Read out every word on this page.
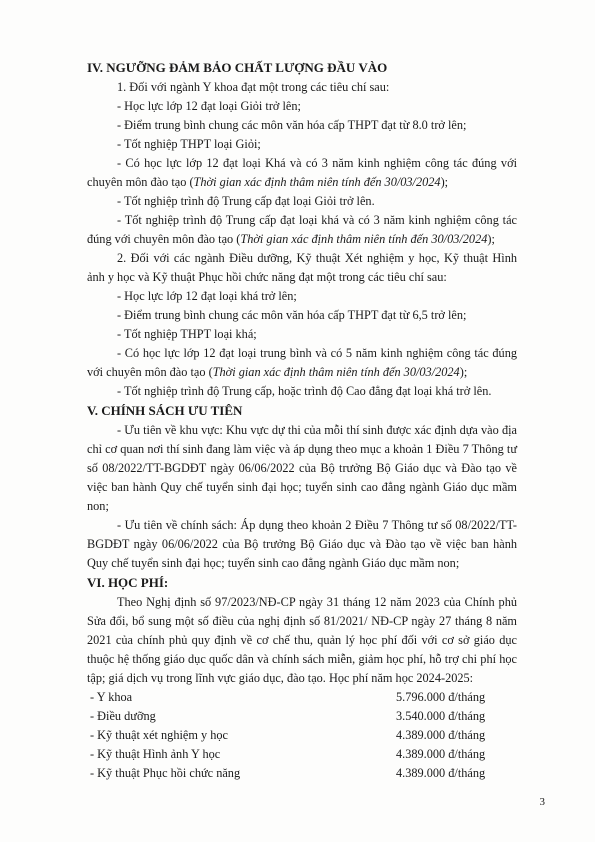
IV. NGƯỠNG ĐẢM BẢO CHẤT LƯỢNG ĐẦU VÀO

1. Đối với ngành Y khoa đạt một trong các tiêu chí sau:

- Học lực lớp 12 đạt loại Giỏi trở lên;

- Điểm trung bình chung các môn văn hóa cấp THPT đạt từ 8.0 trở lên;

- Tốt nghiệp THPT loại Giỏi;

- Có học lực lớp 12 đạt loại Khá và có 3 năm kinh nghiệm công tác đúng với chuyên môn đào tạo (Thời gian xác định thâm niên tính đến 30/03/2024);

- Tốt nghiệp trình độ Trung cấp đạt loại Giỏi trở lên.

- Tốt nghiệp trình độ Trung cấp đạt loại khá và có 3 năm kinh nghiệm công tác đúng với chuyên môn đào tạo (Thời gian xác định thâm niên tính đến 30/03/2024);

2. Đối với các ngành Điều dưỡng, Kỹ thuật Xét nghiệm y học, Kỹ thuật Hình ảnh y học và Kỹ thuật Phục hồi chức năng đạt một trong các tiêu chí sau:

- Học lực lớp 12 đạt loại khá trở lên;

- Điểm trung bình chung các môn văn hóa cấp THPT đạt từ 6,5 trở lên;

- Tốt nghiệp THPT loại khá;

- Có học lực lớp 12 đạt loại trung bình và có 5 năm kinh nghiệm công tác đúng với chuyên môn đào tạo (Thời gian xác định thâm niên tính đến 30/03/2024);

- Tốt nghiệp trình độ Trung cấp, hoặc trình độ Cao đẳng đạt loại khá trở lên.

V. CHÍNH SÁCH ƯU TIÊN

- Ưu tiên về khu vực: Khu vực dự thi của mỗi thí sinh được xác định dựa vào địa chỉ cơ quan nơi thí sinh đang làm việc và áp dụng theo mục a khoản 1 Điều 7 Thông tư số 08/2022/TT-BGDĐT ngày 06/06/2022 của Bộ trưởng Bộ Giáo dục và Đào tạo về việc ban hành Quy chế tuyển sinh đại học; tuyển sinh cao đẳng ngành Giáo dục mầm non;

- Ưu tiên về chính sách: Áp dụng theo khoản 2 Điều 7 Thông tư số 08/2022/TT-BGDĐT ngày 06/06/2022 của Bộ trưởng Bộ Giáo dục và Đào tạo về việc ban hành Quy chế tuyển sinh đại học; tuyển sinh cao đẳng ngành Giáo dục mầm non;

VI. HỌC PHÍ:

Theo Nghị định số 97/2023/NĐ-CP ngày 31 tháng 12 năm 2023 của Chính phủ Sửa đổi, bổ sung một số điều của nghị định số 81/2021/ NĐ-CP ngày 27 tháng 8 năm 2021 của chính phủ quy định về cơ chế thu, quản lý học phí đối với cơ sở giáo dục thuộc hệ thống giáo dục quốc dân và chính sách miễn, giảm học phí, hỗ trợ chi phí học tập; giá dịch vụ trong lĩnh vực giáo dục, đào tạo. Học phí năm học 2024-2025:

- Y khoa	5.796.000 đ/tháng
- Điều dưỡng	3.540.000 đ/tháng
- Kỹ thuật xét nghiệm y học	4.389.000 đ/tháng
- Kỹ thuật Hình ảnh Y học	4.389.000 đ/tháng
- Kỹ thuật Phục hồi chức năng	4.389.000 đ/tháng
3
